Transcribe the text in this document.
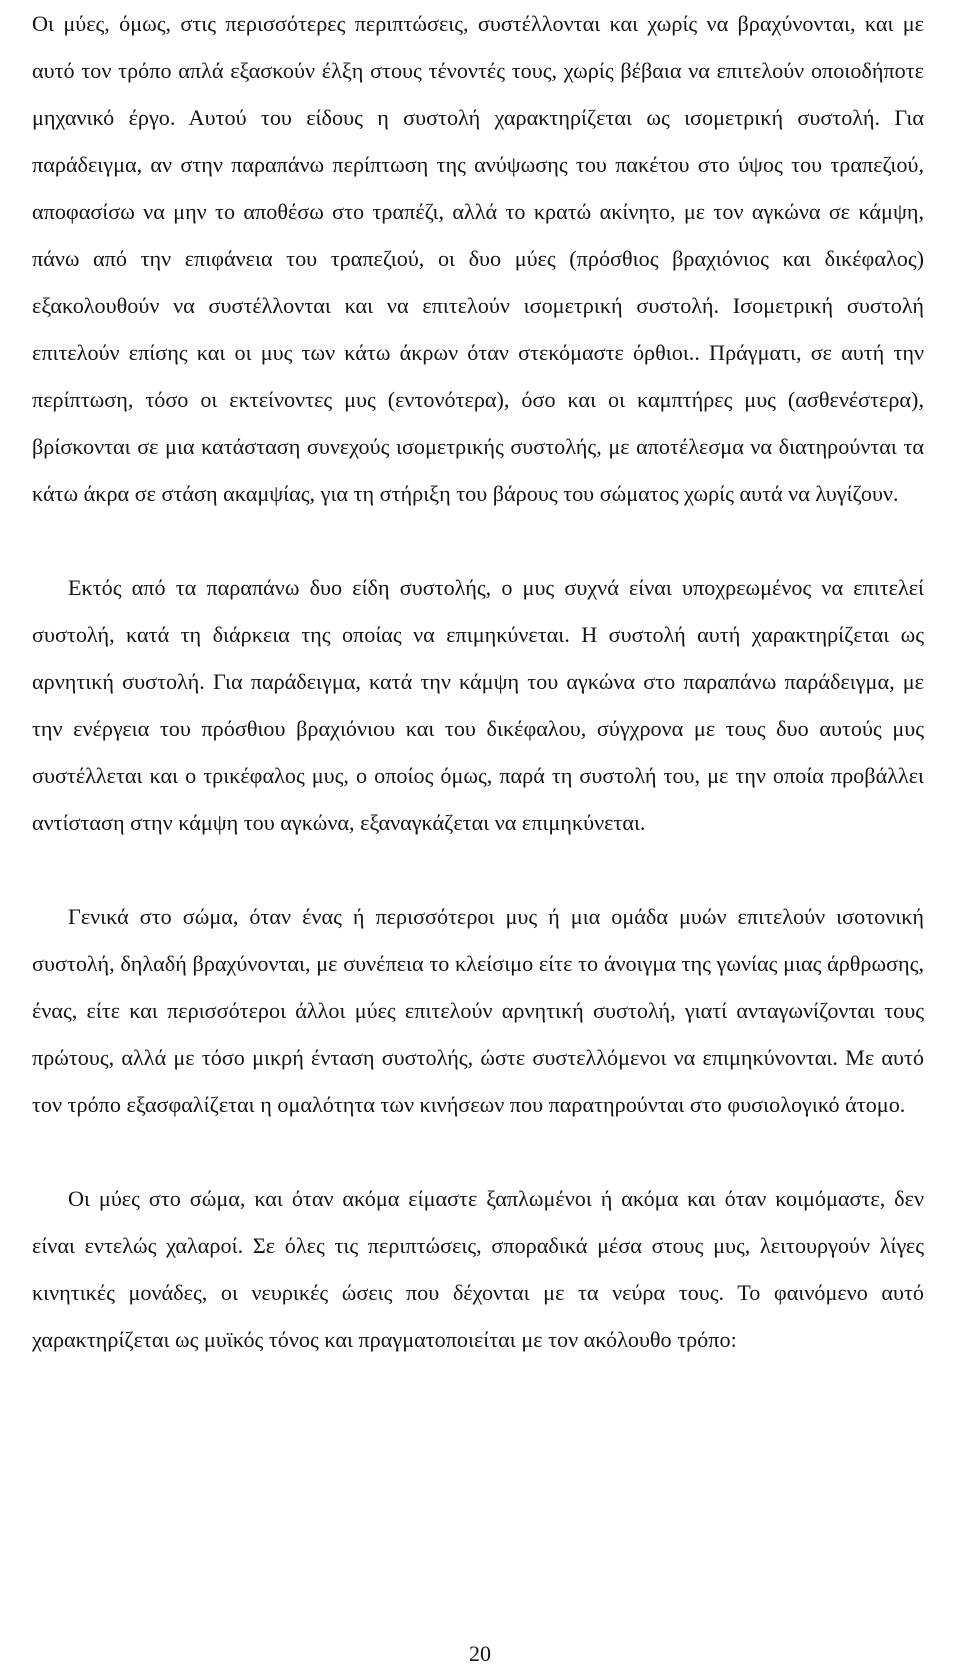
Οι μύες, όμως, στις περισσότερες περιπτώσεις, συστέλλονται και χωρίς να βραχύνονται, και με αυτό τον τρόπο απλά εξασκούν έλξη στους τένοντές τους, χωρίς βέβαια να επιτελούν οποιοδήποτε μηχανικό έργο. Αυτού του είδους η συστολή χαρακτηρίζεται ως ισομετρική συστολή. Για παράδειγμα, αν στην παραπάνω περίπτωση της ανύψωσης του πακέτου στο ύψος του τραπεζιού, αποφασίσω να μην το αποθέσω στο τραπέζι, αλλά το κρατώ ακίνητο, με τον αγκώνα σε κάμψη, πάνω από την επιφάνεια του τραπεζιού, οι δυο μύες (πρόσθιος βραχιόνιος και δικέφαλος) εξακολουθούν να συστέλλονται και να επιτελούν ισομετρική συστολή. Ισομετρική συστολή επιτελούν επίσης και οι μυς των κάτω άκρων όταν στεκόμαστε όρθιοι.. Πράγματι, σε αυτή την περίπτωση, τόσο οι εκτείνοντες μυς (εντονότερα), όσο και οι καμπτήρες μυς (ασθενέστερα), βρίσκονται σε μια κατάσταση συνεχούς ισομετρικής συστολής, με αποτέλεσμα να διατηρούνται τα κάτω άκρα σε στάση ακαμψίας, για τη στήριξη του βάρους του σώματος χωρίς αυτά να λυγίζουν.

Εκτός από τα παραπάνω δυο είδη συστολής, ο μυς συχνά είναι υποχρεωμένος να επιτελεί συστολή, κατά τη διάρκεια της οποίας να επιμηκύνεται. Η συστολή αυτή χαρακτηρίζεται ως αρνητική συστολή. Για παράδειγμα, κατά την κάμψη του αγκώνα στο παραπάνω παράδειγμα, με την ενέργεια του πρόσθιου βραχιόνιου και του δικέφαλου, σύγχρονα με τους δυο αυτούς μυς συστέλλεται και ο τρικέφαλος μυς, ο οποίος όμως, παρά τη συστολή του, με την οποία προβάλλει αντίσταση στην κάμψη του αγκώνα, εξαναγκάζεται να επιμηκύνεται.

Γενικά στο σώμα, όταν ένας ή περισσότεροι μυς ή μια ομάδα μυών επιτελούν ισοτονική συστολή, δηλαδή βραχύνονται, με συνέπεια το κλείσιμο είτε το άνοιγμα της γωνίας μιας άρθρωσης, ένας, είτε και περισσότεροι άλλοι μύες επιτελούν αρνητική συστολή, γιατί ανταγωνίζονται τους πρώτους, αλλά με τόσο μικρή ένταση συστολής, ώστε συστελλόμενοι να επιμηκύνονται. Με αυτό τον τρόπο εξασφαλίζεται η ομαλότητα των κινήσεων που παρατηρούνται στο φυσιολογικό άτομο.

Οι μύες στο σώμα, και όταν ακόμα είμαστε ξαπλωμένοι ή ακόμα και όταν κοιμόμαστε, δεν είναι εντελώς χαλαροί. Σε όλες τις περιπτώσεις, σποραδικά μέσα στους μυς, λειτουργούν λίγες κινητικές μονάδες, οι νευρικές ώσεις που δέχονται με τα νεύρα τους. Το φαινόμενο αυτό χαρακτηρίζεται ως μυϊκός τόνος και πραγματοποιείται με τον ακόλουθο τρόπο:

20
